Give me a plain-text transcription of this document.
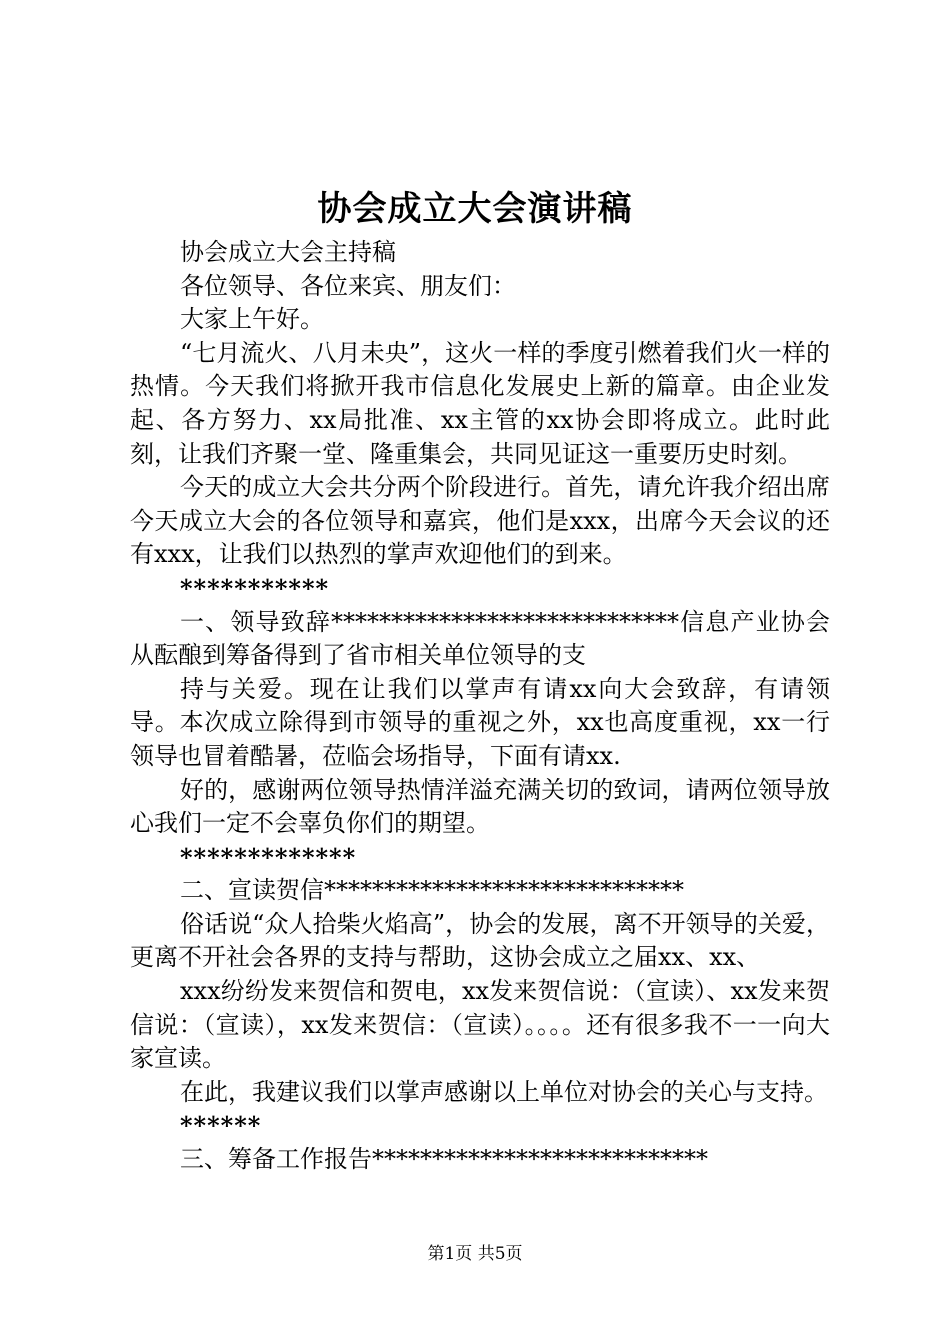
协会成立大会演讲稿

协会成立大会主持稿

各位领导、各位来宾、朋友们：

大家上午好。

“七月流火、八月未央”，这火一样的季度引燃着我们火一样的热情。今天我们将掀开我市信息化发展史上新的篇章。由企业发起、各方努力、xx局批准、xx主管的xx协会即将成立。此时此刻，让我们齐聚一堂、隆重集会，共同见证这一重要历史时刻。

今天的成立大会共分两个阶段进行。首先，请允许我介绍出席今天成立大会的各位领导和嘉宾，他们是xxx，出席今天会议的还有xxx，让我们以热烈的掌声欢迎他们的到来。

***********

一、领导致辞*****************************信息产业协会从酝酿到筹备得到了省市相关单位领导的支

持与关爱。现在让我们以掌声有请xx向大会致辞，有请领导。本次成立除得到市领导的重视之外，xx也高度重视，xx一行领导也冒着酷暑，莅临会场指导，下面有请xx.

好的，感谢两位领导热情洋溢充满关切的致词，请两位领导放心我们一定不会辜负你们的期望。

*************

二、宣读贺信******************************

俗话说“众人拾柴火焰高”，协会的发展，离不开领导的关爱，更离不开社会各界的支持与帮助，这协会成立之届xx、xx、

xxx纷纷发来贺信和贺电，xx发来贺信说：（宣读）、xx发来贺信说：（宣读），xx发来贺信：（宣读）。。。。还有很多我不一一向大家宣读。

在此，我建议我们以掌声感谢以上单位对协会的关心与支持。

******

三、筹备工作报告****************************

第1页 共5页
